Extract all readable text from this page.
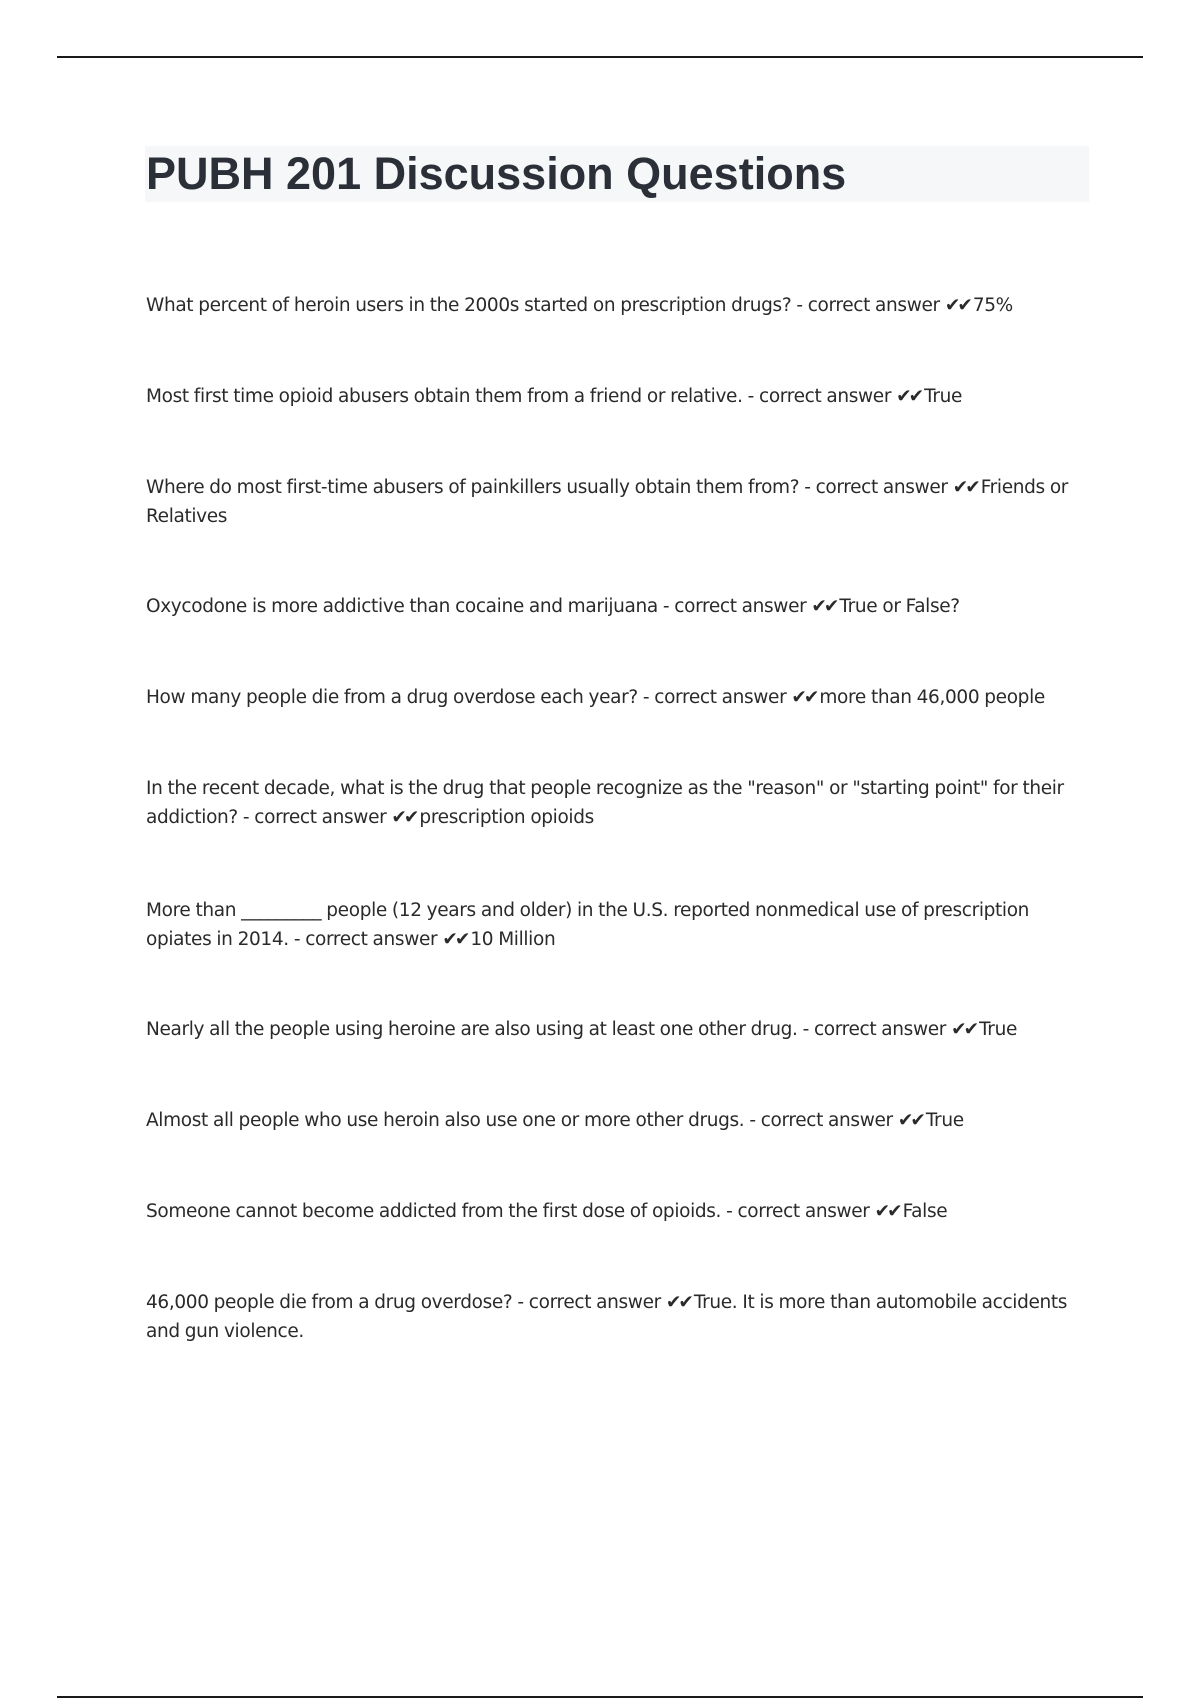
PUBH 201 Discussion Questions

What percent of heroin users in the 2000s started on prescription drugs? - correct answer ✔✔ 75%

Most first time opioid abusers obtain them from a friend or relative. - correct answer ✔✔ True

Where do most first-time abusers of painkillers usually obtain them from? - correct answer ✔✔ Friends or Relatives

Oxycodone is more addictive than cocaine and marijuana - correct answer ✔✔ True or False?

How many people die from a drug overdose each year? - correct answer ✔✔ more than 46,000 people

In the recent decade, what is the drug that people recognize as the "reason" or "starting point" for their addiction? - correct answer ✔✔ prescription opioids

More than _________ people (12 years and older) in the U.S. reported nonmedical use of prescription opiates in 2014. - correct answer ✔✔ 10 Million

Nearly all the people using heroine are also using at least one other drug. - correct answer ✔✔ True

Almost all people who use heroin also use one or more other drugs. - correct answer ✔✔ True

Someone cannot become addicted from the first dose of opioids. - correct answer ✔✔ False

46,000 people die from a drug overdose? - correct answer ✔✔ True. It is more than automobile accidents and gun violence.
